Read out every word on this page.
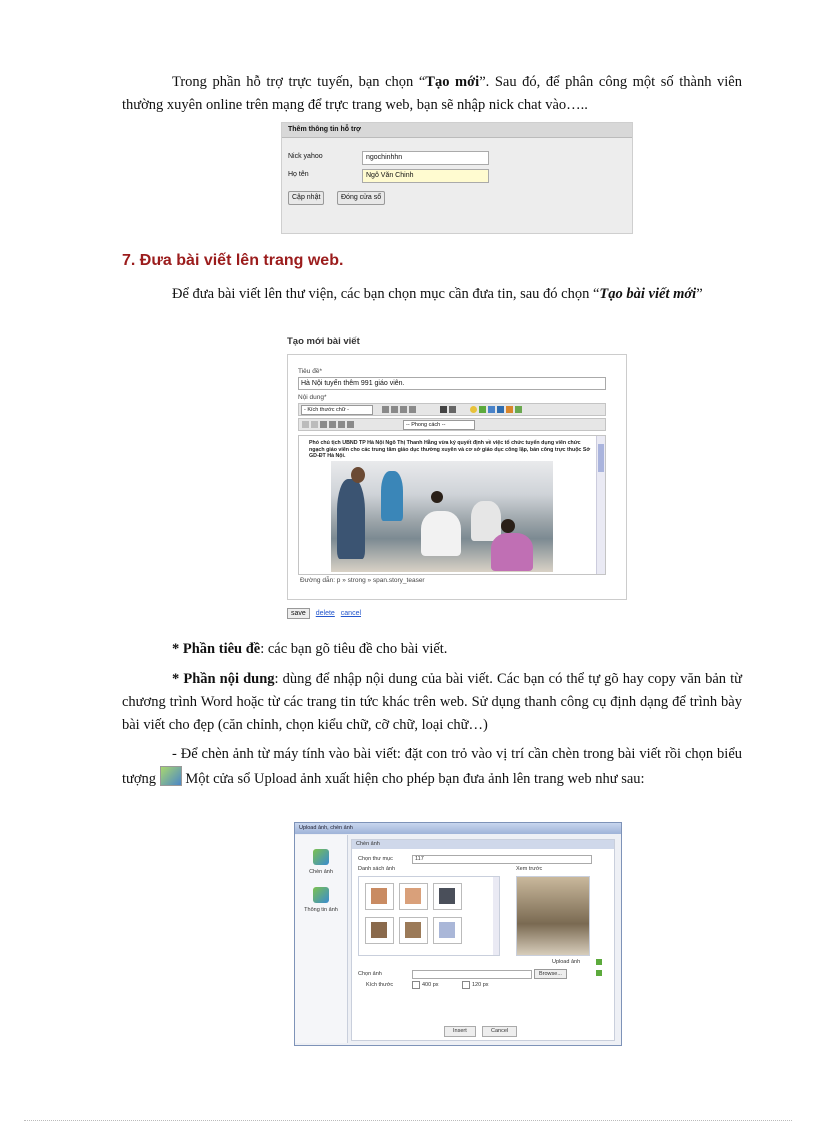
Trong phần hỗ trợ trực tuyến, bạn chọn “Tạo mới”. Sau đó, để phân công một số thành viên thường xuyên online trên mạng để trực trang web, bạn sẽ nhập nick chat vào…..

Thêm thông tin hỗ trợ
Nick yahoo	ngochinhhn
Họ tên	Ngô Văn Chinh
Cập nhật	Đóng cửa sổ
7. Đưa bài viết lên trang web.

Để đưa bài viết lên thư viện, các bạn chọn mục cần đưa tin, sau đó chọn “Tạo bài viết mới”

Tạo mới bài viết
Tiêu đề*
Hà Nội tuyển thêm 991 giáo viên.
Nội dung*
- Kích thước chữ -
-- Phong cách --
Phó chủ tịch UBND TP Hà Nội Ngô Thị Thanh Hằng vừa ký quyết định về việc tổ chức tuyển dụng viên chức ngạch giáo viên cho các trung tâm giáo dục thường xuyên và cơ sở giáo dục công lập, bán công trực thuộc Sở GD-ĐT Hà Nội.
Đường dẫn: p » strong » span.story_teaser
save delete cancel

* Phần tiêu đề: các bạn gõ tiêu đề cho bài viết.

* Phần nội dung: dùng để nhập nội dung của bài viết. Các bạn có thể tự gõ hay copy văn bản từ chương trình Word hoặc từ các trang tin tức khác trên web. Sử dụng thanh công cụ định dạng để trình bày bài viết cho đẹp (căn chỉnh, chọn kiểu chữ, cỡ chữ, loại chữ…)

- Để chèn ảnh từ máy tính vào bài viết: đặt con trỏ vào vị trí cần chèn trong bài viết rồi chọn biểu tượng Một cửa sổ Upload ảnh xuất hiện cho phép bạn đưa ảnh lên trang web như sau:

Upload ảnh, chèn ảnh
Chèn ảnh
Thông tin ảnh
Chèn ảnh
Chọn thư mục	117
Danh sách ảnh	Xem trước
Upload ảnh
Chọn ảnh	Browse...
Kích thước	400 px	120 px
Insert	Cancel
